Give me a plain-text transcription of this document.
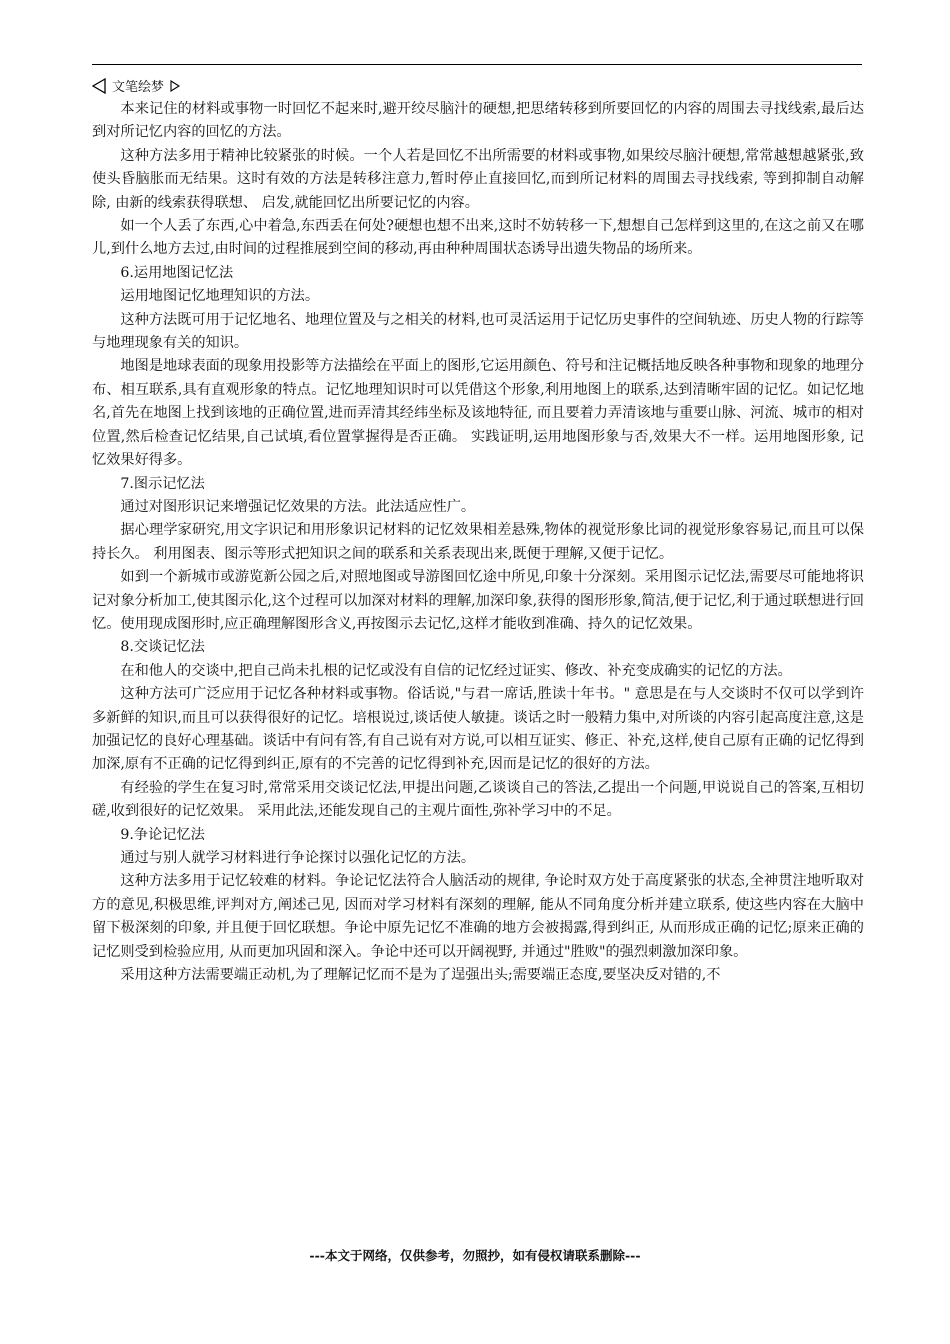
文笔绘梦

本来记住的材料或事物一时回忆不起来时,避开绞尽脑汁的硬想,把思绪转移到所要回忆的内容的周围去寻找线索,最后达到对所记忆内容的回忆的方法。

这种方法多用于精神比较紧张的时候。一个人若是回忆不出所需要的材料或事物,如果绞尽脑汁硬想,常常越想越紧张,致使头昏脑胀而无结果。这时有效的方法是转移注意力,暂时停止直接回忆,而到所记材料的周围去寻找线索, 等到抑制自动解除, 由新的线索获得联想、 启发,就能回忆出所要记忆的内容。

如一个人丢了东西,心中着急,东西丢在何处?硬想也想不出来,这时不妨转移一下,想想自己怎样到这里的,在这之前又在哪儿,到什么地方去过,由时间的过程推展到空间的移动,再由种种周围状态诱导出遗失物品的场所来。

6.运用地图记忆法

运用地图记忆地理知识的方法。

这种方法既可用于记忆地名、地理位置及与之相关的材料,也可灵活运用于记忆历史事件的空间轨迹、历史人物的行踪等与地理现象有关的知识。

地图是地球表面的现象用投影等方法描绘在平面上的图形,它运用颜色、符号和注记概括地反映各种事物和现象的地理分布、相互联系,具有直观形象的特点。记忆地理知识时可以凭借这个形象,利用地图上的联系,达到清晰牢固的记忆。如记忆地名,首先在地图上找到该地的正确位置,进而弄清其经纬坐标及该地特征, 而且要着力弄清该地与重要山脉、河流、城市的相对位置,然后检查记忆结果,自己试填,看位置掌握得是否正确。 实践证明,运用地图形象与否,效果大不一样。运用地图形象, 记忆效果好得多。

7.图示记忆法

通过对图形识记来增强记忆效果的方法。此法适应性广。

据心理学家研究,用文字识记和用形象识记材料的记忆效果相差悬殊,物体的视觉形象比词的视觉形象容易记,而且可以保持长久。 利用图表、图示等形式把知识之间的联系和关系表现出来,既便于理解,又便于记忆。

如到一个新城市或游览新公园之后,对照地图或导游图回忆途中所见,印象十分深刻。采用图示记忆法,需要尽可能地将识记对象分析加工,使其图示化,这个过程可以加深对材料的理解,加深印象,获得的图形形象,简洁,便于记忆,利于通过联想进行回忆。使用现成图形时,应正确理解图形含义,再按图示去记忆,这样才能收到准确、持久的记忆效果。

8.交谈记忆法

在和他人的交谈中,把自己尚未扎根的记忆或没有自信的记忆经过证实、修改、补充变成确实的记忆的方法。

这种方法可广泛应用于记忆各种材料或事物。俗话说,"与君一席话,胜读十年书。" 意思是在与人交谈时不仅可以学到许多新鲜的知识,而且可以获得很好的记忆。培根说过,谈话使人敏捷。谈话之时一般精力集中,对所谈的内容引起高度注意,这是加强记忆的良好心理基础。谈话中有问有答,有自己说有对方说,可以相互证实、修正、补充,这样,使自己原有正确的记忆得到加深,原有不正确的记忆得到纠正,原有的不完善的记忆得到补充,因而是记忆的很好的方法。

有经验的学生在复习时,常常采用交谈记忆法,甲提出问题,乙谈谈自己的答法,乙提出一个问题,甲说说自己的答案,互相切磋,收到很好的记忆效果。 采用此法,还能发现自己的主观片面性,弥补学习中的不足。

9.争论记忆法

通过与别人就学习材料进行争论探讨以强化记忆的方法。

这种方法多用于记忆较难的材料。争论记忆法符合人脑活动的规律, 争论时双方处于高度紧张的状态,全神贯注地听取对方的意见,积极思维,评判对方,阐述己见, 因而对学习材料有深刻的理解, 能从不同角度分析并建立联系, 使这些内容在大脑中留下极深刻的印象, 并且便于回忆联想。争论中原先记忆不准确的地方会被揭露,得到纠正, 从而形成正确的记忆;原来正确的记忆则受到检验应用, 从而更加巩固和深入。争论中还可以开阔视野, 并通过"胜败"的强烈刺激加深印象。

采用这种方法需要端正动机,为了理解记忆而不是为了逞强出头;需要端正态度,要坚决反对错的,不

---本文于网络，仅供参考，勿照抄，如有侵权请联系删除---
